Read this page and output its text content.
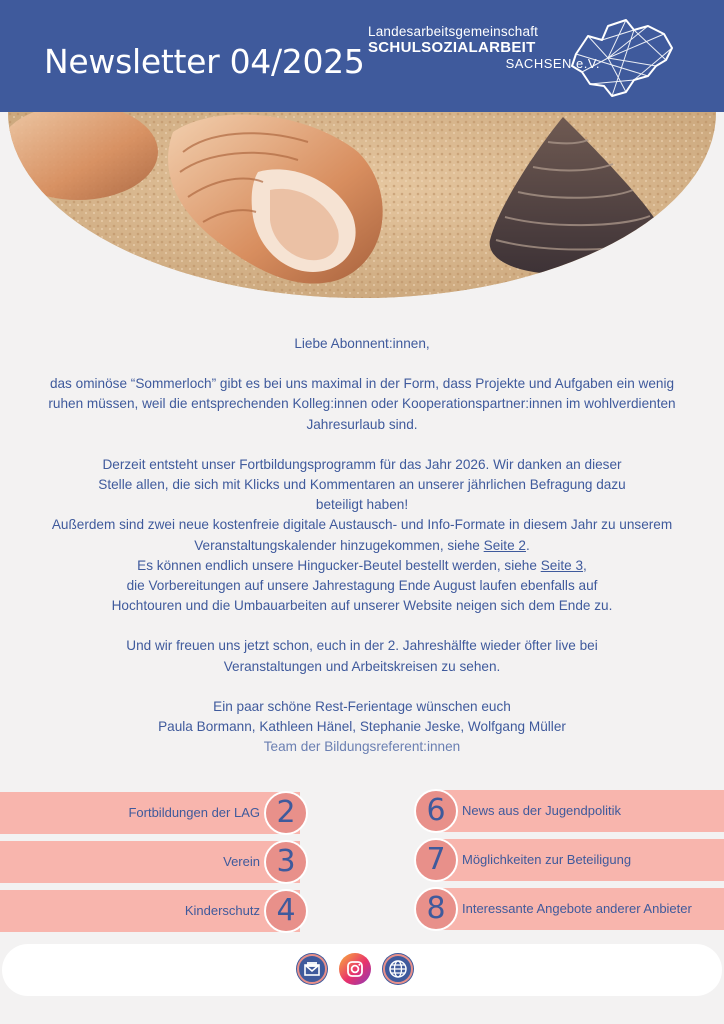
Newsletter 04/2025
Landesarbeitsgemeinschaft
SCHULSOZIALARBEIT
SACHSEN e.V.

Liebe Abonnent:innen,

das ominöse “Sommerloch” gibt es bei uns maximal in der Form, dass Projekte und Aufgaben ein wenig ruhen müssen, weil die entsprechenden Kolleg:innen oder Kooperationspartner:innen im wohlverdienten Jahresurlaub sind.

Derzeit entsteht unser Fortbildungsprogramm für das Jahr 2026. Wir danken an dieser Stelle allen, die sich mit Klicks und Kommentaren an unserer jährlichen Befragung dazu beteiligt haben!

Außerdem sind zwei neue kostenfreie digitale Austausch- und Info-Formate in diesem Jahr zu unserem Veranstaltungskalender hinzugekommen, siehe Seite 2.

Es können endlich unsere Hingucker-Beutel bestellt werden, siehe Seite 3,

die Vorbereitungen auf unsere Jahrestagung Ende August laufen ebenfalls auf Hochtouren und die Umbauarbeiten auf unserer Website neigen sich dem Ende zu.

Und wir freuen uns jetzt schon, euch in der 2. Jahreshälfte wieder öfter live bei Veranstaltungen und Arbeitskreisen zu sehen.

Ein paar schöne Rest-Ferientage wünschen euch

Paula Bormann, Kathleen Hänel, Stephanie Jeske, Wolfgang Müller

Team der Bildungsreferent:innen

Fortbildungen der LAG 2
Verein 3
Kinderschutz 4
News aus der Jugendpolitik
6
Möglichkeiten zur Beteiligung
7
Interessante Angebote anderer Anbieter
8
